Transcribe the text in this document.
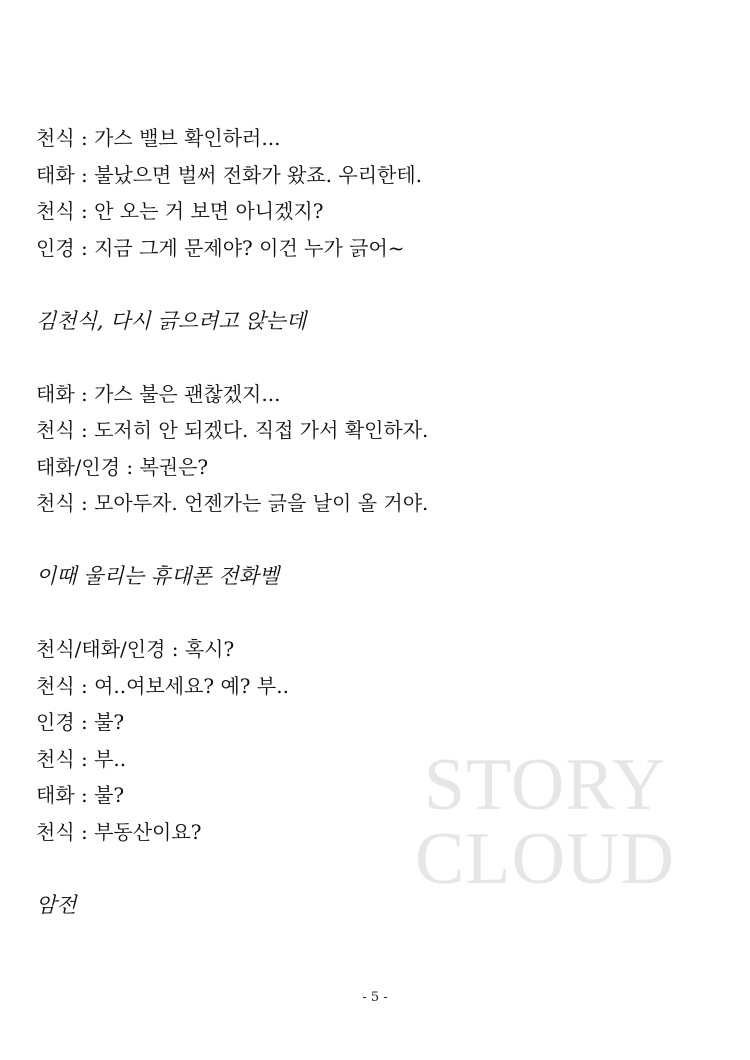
STORY
CLOUD
천식 : 가스 밸브 확인하러...
태화 : 불났으면 벌써 전화가 왔죠. 우리한테.
천식 : 안 오는 거 보면 아니겠지?
인경 : 지금 그게 문제야? 이건 누가 긁어~
김천식, 다시 긁으려고 앉는데
태화 : 가스 불은 괜찮겠지...
천식 : 도저히 안 되겠다. 직접 가서 확인하자.
태화/인경 : 복권은?
천식 : 모아두자. 언젠가는 긁을 날이 올 거야.
이때 울리는 휴대폰 전화벨
천식/태화/인경 : 혹시?
천식 : 여..여보세요? 예? 부..
인경 : 불?
천식 : 부..
태화 : 불?
천식 : 부동산이요?
암전
- 5 -
